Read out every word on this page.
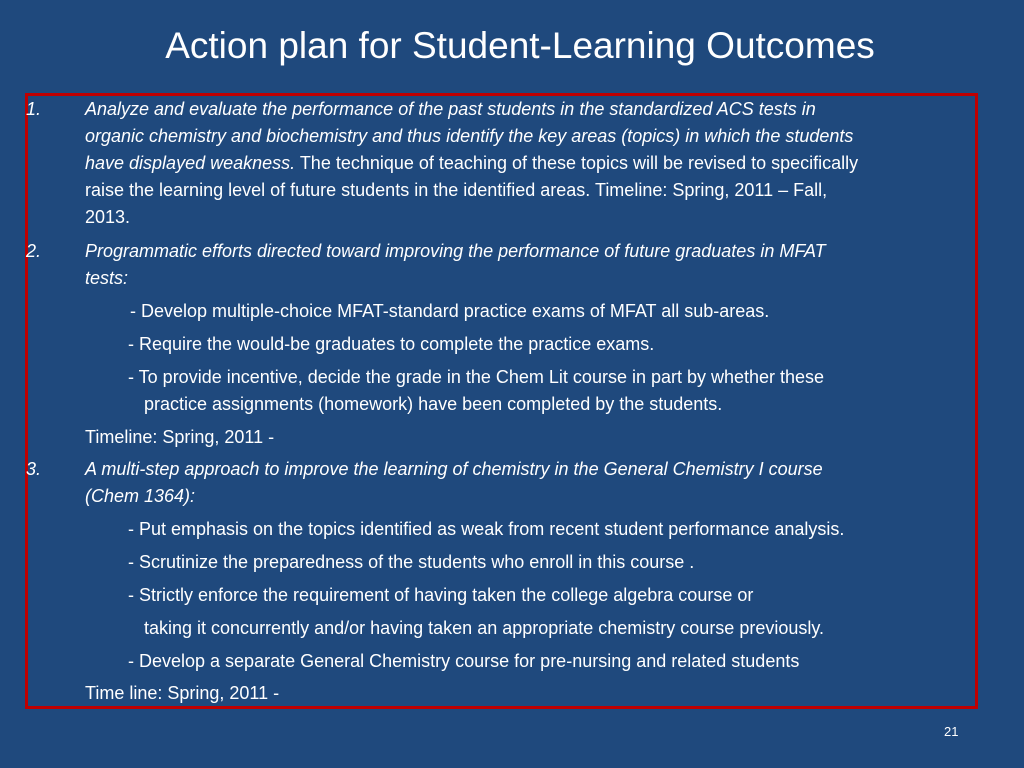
Action plan for Student-Learning Outcomes
1. Analyze and evaluate the performance of the past students in the standardized ACS tests in
organic chemistry and biochemistry and thus identify the key areas (topics) in which the students
have displayed weakness. The technique of teaching of these topics will be revised to specifically
raise the learning level of future students in the identified areas. Timeline: Spring, 2011 – Fall,
2013.
2. Programmatic efforts directed toward improving the performance of future graduates in MFAT
tests:
- Develop multiple-choice MFAT-standard practice exams of MFAT all sub-areas.
- Require the would-be graduates to complete the practice exams.
- To provide incentive, decide the grade in the Chem Lit course in part by whether these
practice assignments (homework) have been completed by the students.
Timeline: Spring, 2011 -
3. A multi-step approach to improve the learning of chemistry in the General Chemistry I course
(Chem 1364):
- Put emphasis on the topics identified as weak from recent student performance analysis.
- Scrutinize the preparedness of the students who enroll in this course .
- Strictly enforce the requirement of having taken the college algebra course or
taking it concurrently and/or having taken an appropriate chemistry course previously.
- Develop a separate General Chemistry course for pre-nursing and related students
Time line: Spring, 2011 -
21
